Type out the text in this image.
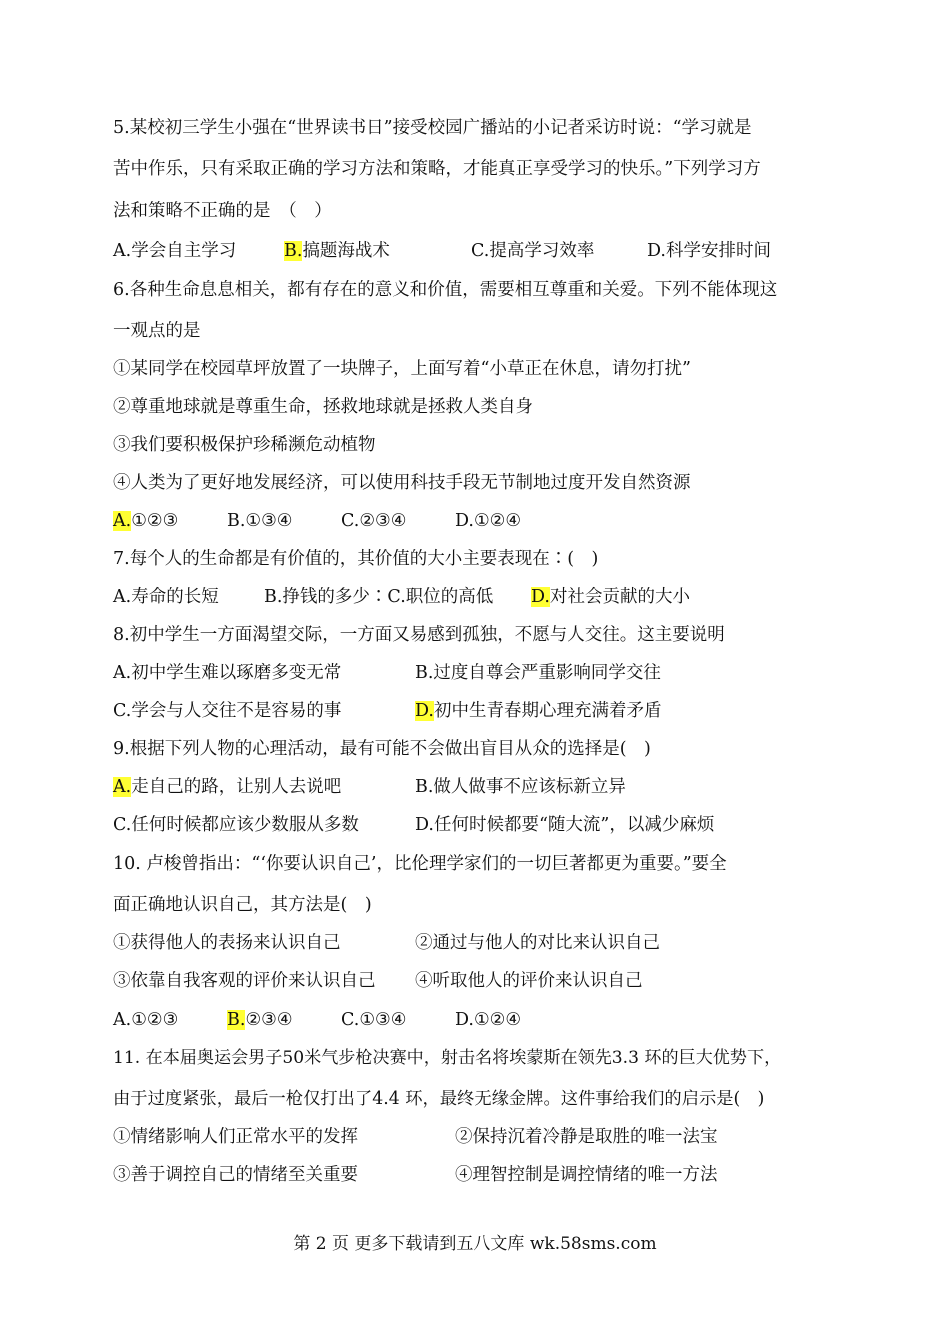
5.某校初三学生小强在“世界读书日”接受校园广播站的小记者采访时说：“学习就是
苦中作乐，只有采取正确的学习方法和策略，才能真正享受学习的快乐。”下列学习方
法和策略不正确的是　（　）
A.学会自主学习	B.搞题海战术	C.提高学习效率	D.科学安排时间
6.各种生命息息相关，都有存在的意义和价值，需要相互尊重和关爱。下列不能体现这
一观点的是
①某同学在校园草坪放置了一块牌子，上面写着“小草正在休息，请勿打扰”
②尊重地球就是尊重生命，拯救地球就是拯救人类自身
③我们要积极保护珍稀濒危动植物
④人类为了更好地发展经济，可以使用科技手段无节制地过度开发自然资源
A.①②③	B.①③④	C.②③④	D.①②④
7.每个人的生命都是有价值的，其价值的大小主要表现在∶(　)
A.寿命的长短	B.挣钱的多少∶C.职位的高低 D.对社会贡献的大小
8.初中学生一方面渴望交际，一方面又易感到孤独，不愿与人交往。这主要说明
A.初中学生难以琢磨多变无常	B.过度自尊会严重影响同学交往
C.学会与人交往不是容易的事	D.初中生青春期心理充满着矛盾
9.根据下列人物的心理活动，最有可能不会做出盲目从众的选择是(　)
A.走自己的路，让别人去说吧	B.做人做事不应该标新立异
C.任何时候都应该少数服从多数	D.任何时候都要“随大流”，以减少麻烦
10. 卢梭曾指出：“‘你要认识自己’，比伦理学家们的一切巨著都更为重要。”要全
面正确地认识自己，其方法是(　)
①获得他人的表扬来认识自己	②通过与他人的对比来认识自己
③依靠自我客观的评价来认识自己 ④听取他人的评价来认识自己
A.①②③	B.②③④	C.①③④	D.①②④
11. 在本届奥运会男子50米气步枪决赛中，射击名将埃蒙斯在领先3.3 环的巨大优势下，
由于过度紧张，最后一枪仅打出了4.4 环，最终无缘金牌。这件事给我们的启示是(　)
①情绪影响人们正常水平的发挥	②保持沉着冷静是取胜的唯一法宝
③善于调控自己的情绪至关重要	④理智控制是调控情绪的唯一方法
第 2 页 更多下载请到五八文库 wk.58sms.com
